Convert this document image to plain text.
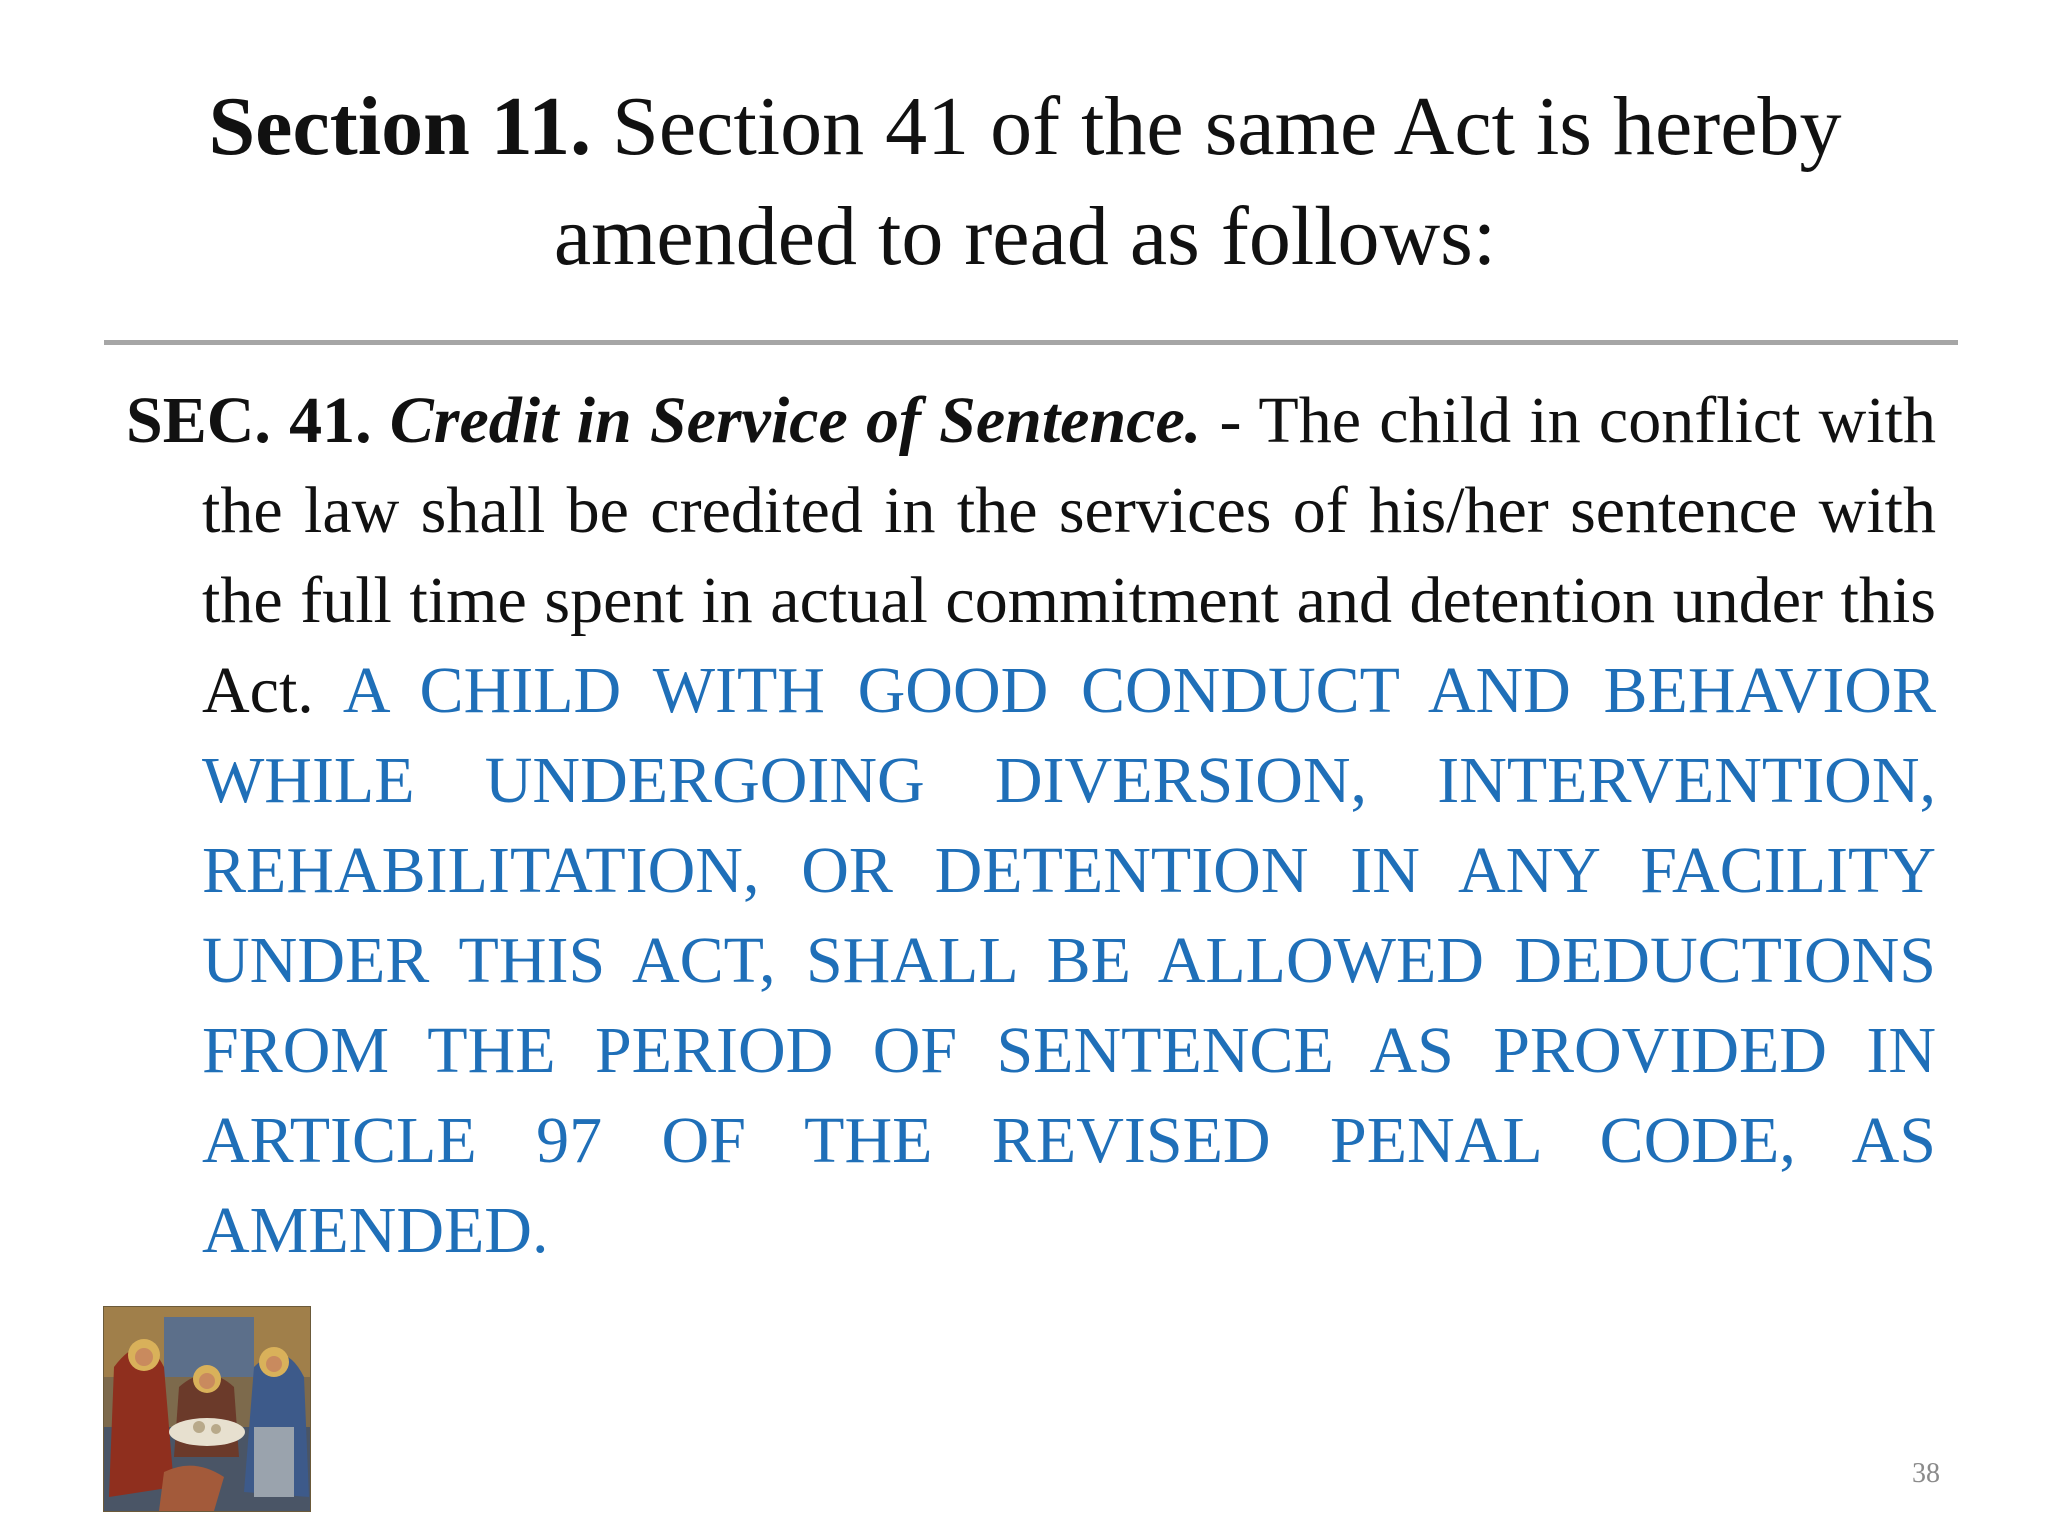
Section 11. Section 41 of the same Act is hereby amended to read as follows:
SEC. 41. Credit in Service of Sentence. - The child in conflict with the law shall be credited in the services of his/her sentence with the full time spent in actual commitment and detention under this Act. A CHILD WITH GOOD CONDUCT AND BEHAVIOR WHILE UNDERGOING DIVERSION, INTERVENTION, REHABILITATION, OR DETENTION IN ANY FACILITY UNDER THIS ACT, SHALL BE ALLOWED DEDUCTIONS FROM THE PERIOD OF SENTENCE AS PROVIDED IN ARTICLE 97 OF THE REVISED PENAL CODE, AS AMENDED.
38
